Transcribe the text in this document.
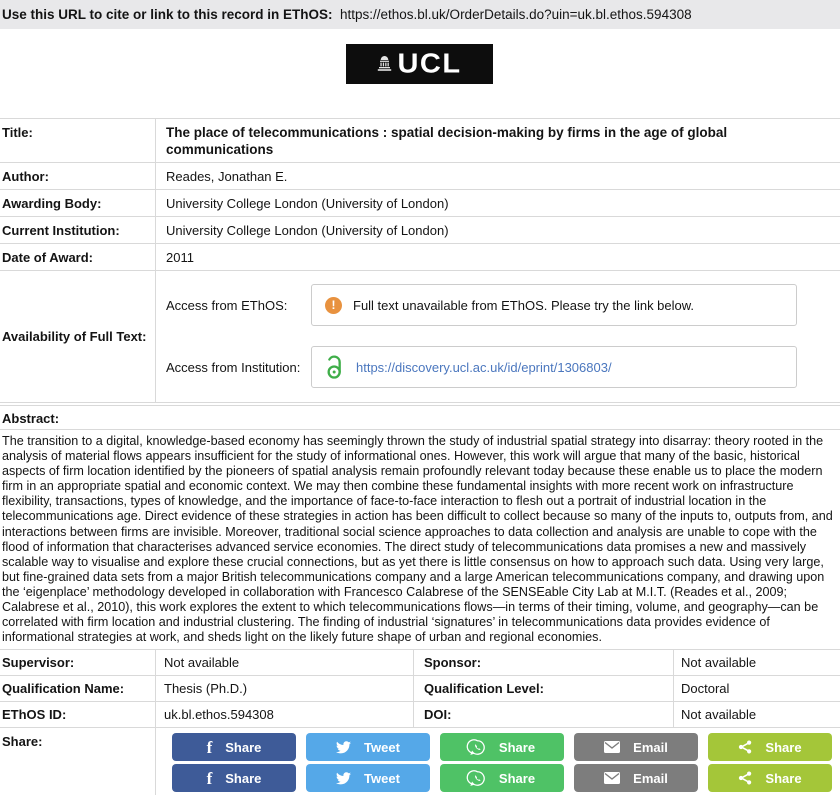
Use this URL to cite or link to this record in EThOS: https://ethos.bl.uk/OrderDetails.do?uin=uk.bl.ethos.594308
UCL
Title:	The place of telecommunications : spatial decision-making by firms in the age of global communications
Author:	Reades, Jonathan E.
Awarding Body:	University College London (University of London)
Current Institution:	University College London (University of London)
Date of Award:	2011
Availability of Full Text:
Access from EThOS:	!	Full text unavailable from EThOS. Please try the link below.
Access from Institution:	https://discovery.ucl.ac.uk/id/eprint/1306803/
Abstract:

The transition to a digital, knowledge-based economy has seemingly thrown the study of industrial spatial strategy into disarray: theory rooted in the analysis of material flows appears insufficient for the study of informational ones. However, this work will argue that many of the basic, historical aspects of firm location identified by the pioneers of spatial analysis remain profoundly relevant today because these enable us to place the modern firm in an appropriate spatial and economic context. We may then combine these fundamental insights with more recent work on infrastructure flexibility, transactions, types of knowledge, and the importance of face-to-face interaction to flesh out a portrait of industrial location in the telecommunications age. Direct evidence of these strategies in action has been difficult to collect because so many of the inputs to, outputs from, and interactions between firms are invisible. Moreover, traditional social science approaches to data collection and analysis are unable to cope with the flood of information that characterises advanced service economies. The direct study of telecommunications data promises a new and massively scalable way to visualise and explore these crucial connections, but as yet there is little consensus on how to approach such data. Using very large, but fine-grained data sets from a major British telecommunications company and a large American telecommunications company, and drawing upon the ‘eigenplace’ methodology developed in collaboration with Francesco Calabrese of the SENSEable City Lab at M.I.T. (Reades et al., 2009; Calabrese et al., 2010), this work explores the extent to which telecommunications flows—in terms of their timing, volume, and geography—can be correlated with firm location and industrial clustering. The finding of industrial ‘signatures’ in telecommunications data provides evidence of informational strategies at work, and sheds light on the likely future shape of urban and regional economies.

Supervisor:	Not available	Sponsor:	Not available
Qualification Name:	Thesis (Ph.D.)	Qualification Level:	Doctoral
EThOS ID:	uk.bl.ethos.594308	DOI:	Not available
Share:	f Share	Tweet	Share	Email	Share
f Share	Tweet	Share	Email	Share
